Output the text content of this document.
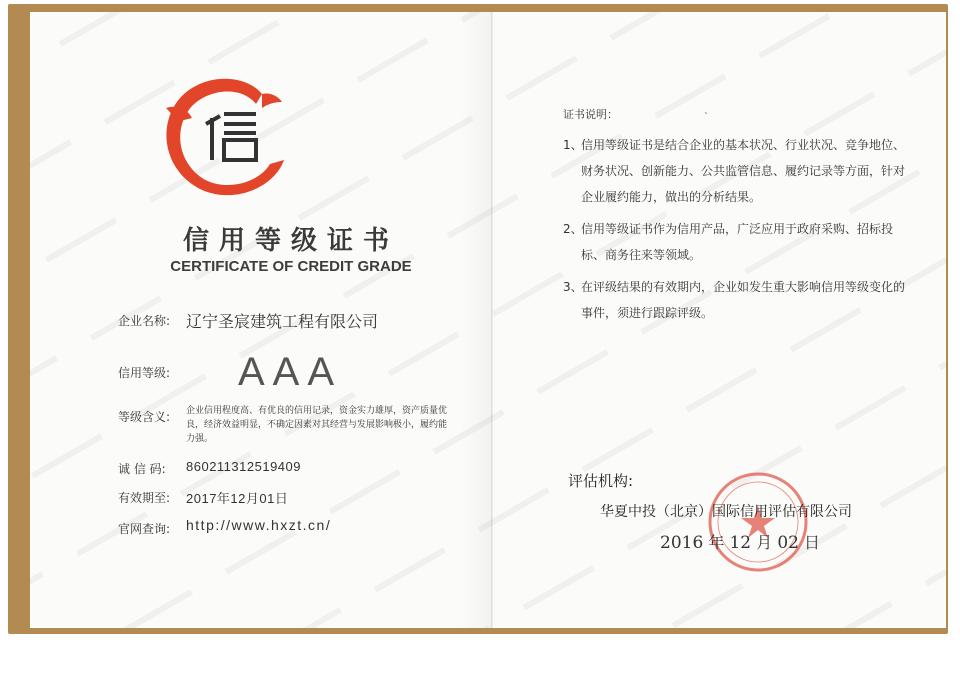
信用等级证书
CERTIFICATE OF CREDIT GRADE
企业名称: 辽宁圣宸建筑工程有限公司
信用等级: AAA
等级含义: 企业信用程度高、有优良的信用记录，资金实力雄厚，资产质量优良，经济效益明显，不确定因素对其经营与发展影响极小，履约能力强。
诚 信 码: 860211312519409
有效期至: 2017年12月01日
官网查询: http://www.hxzt.cn/
`
证书说明：
1、
信用等级证书是结合企业的基本状况、行业状况、竞争地位、财务状况、创新能力、公共监管信息、履约记录等方面，针对企业履约能力，做出的分析结果。
2、
信用等级证书作为信用产品，广泛应用于政府采购、招标投标、商务往来等领域。
3、
在评级结果的有效期内，企业如发生重大影响信用等级变化的事件，须进行跟踪评级。
评估机构:
华夏中投（北京）国际信用评估有限公司
2016 年 12 月 02 日
